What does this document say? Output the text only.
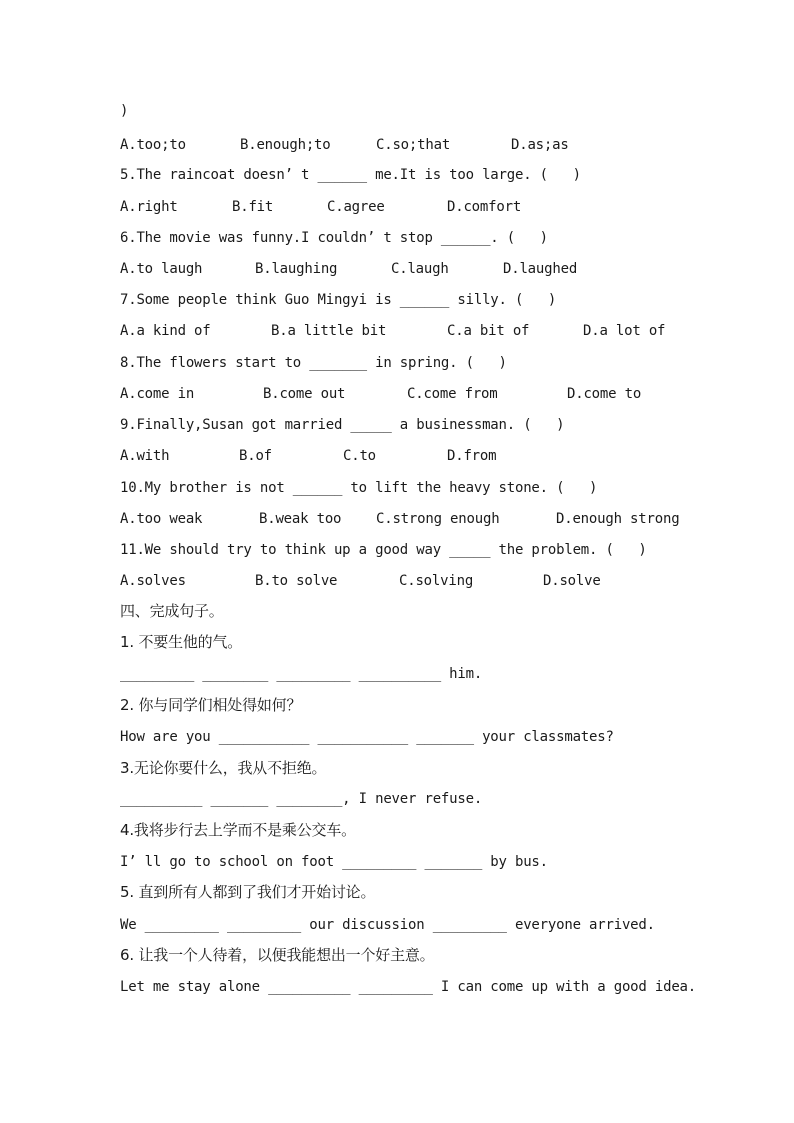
)
A.too;to	B.enough;to	C.so;that	D.as;as
5.The raincoat doesn’ t ______ me.It is too large. (   )
A.right	B.fit	C.agree	D.comfort
6.The movie was funny.I couldn’ t stop ______. (   )
A.to laugh	B.laughing	C.laugh	D.laughed
7.Some people think Guo Mingyi is ______ silly. (   )
A.a kind of	B.a little bit	C.a bit of	D.a lot of
8.The flowers start to _______ in spring. (   )
A.come in	B.come out	C.come from	D.come to
9.Finally,Susan got married _____ a businessman. (   )
A.with	B.of	C.to	D.from
10.My brother is not ______ to lift the heavy stone. (   )
A.too weak	B.weak too C.strong enough	D.enough strong
11.We should try to think up a good way _____ the problem. (   )
A.solves	B.to solve	C.solving	D.solve
四、完成句子。
1. 不要生他的气。
_________ ________ _________ __________ him.
2. 你与同学们相处得如何？
How are you ___________ ___________ _______ your classmates?
3.无论你要什么，我从不拒绝。
__________ _______ ________, I never refuse.
4.我将步行去上学而不是乘公交车。
I’ ll go to school on foot _________ _______ by bus.
5. 直到所有人都到了我们才开始讨论。
We _________ _________ our discussion _________ everyone arrived.
6. 让我一个人待着，以便我能想出一个好主意。
Let me stay alone __________ _________ I can come up with a good idea.
